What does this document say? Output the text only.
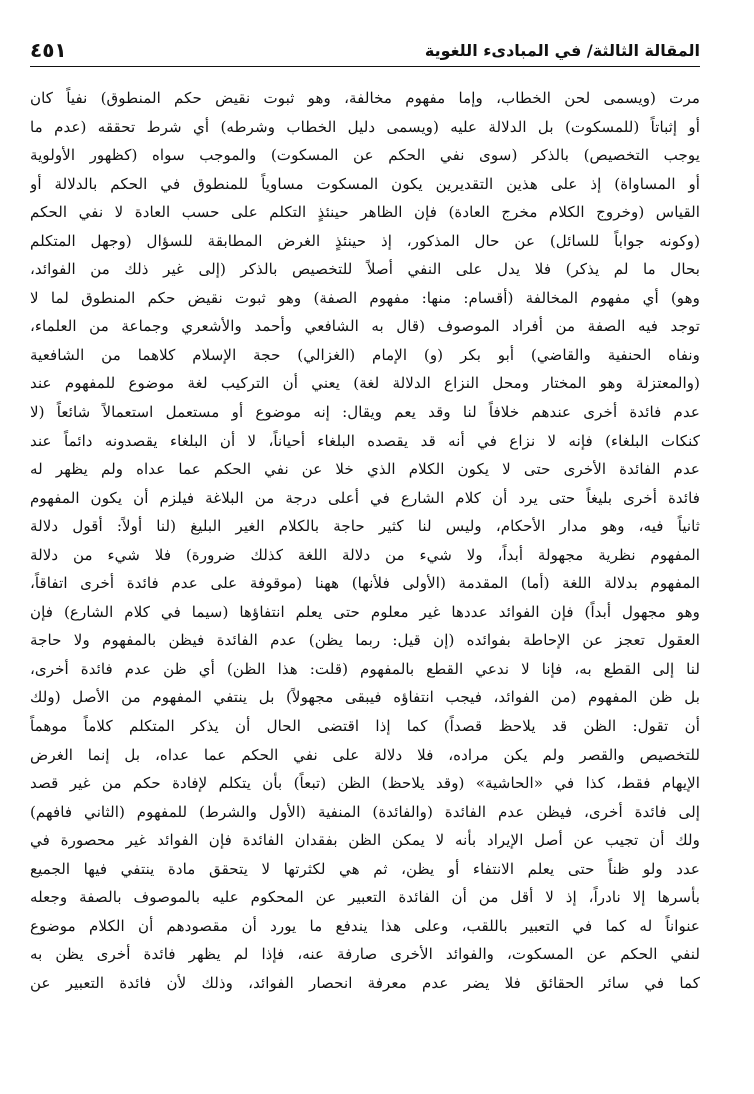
المقالة الثالثة/ في المبادىء اللغوية
٤٥١
مرت (ويسمى لحن الخطاب، وإما مفهوم مخالفة، وهو ثبوت نقيض حكم المنطوق) نفياً كان
أو إثباتاً (للمسكوت) بل الدلالة عليه (ويسمى دليل الخطاب وشرطه) أي شرط تحققه (عدم ما
يوجب التخصيص) بالذكر (سوى نفي الحكم عن المسكوت) والموجب سواه (كظهور الأولوية
أو المساواة) إذ على هذين التقديرين يكون المسكوت مساوياً للمنطوق في الحكم بالدلالة أو
القياس (وخروج الكلام مخرج العادة) فإن الظاهر حينئذٍ التكلم على حسب العادة لا نفي الحكم
(وكونه جواباً للسائل) عن حال المذكور، إذ حينئذٍ الغرض المطابقة للسؤال (وجهل المتكلم
بحال ما لم يذكر) فلا يدل على النفي أصلاً للتخصيص بالذكر (إلى غير ذلك من الفوائد،
وهو) أي مفهوم المخالفة (أقسام: منها: مفهوم الصفة) وهو ثبوت نقيض حكم المنطوق لما لا
توجد فيه الصفة من أفراد الموصوف (قال به الشافعي وأحمد والأشعري وجماعة من العلماء،
ونفاه الحنفية والقاضي) أبو بكر (و) الإمام (الغزالي) حجة الإسلام كلاهما من الشافعية
(والمعتزلة وهو المختار ومحل النزاع الدلالة لغة) يعني أن التركيب لغة موضوع للمفهوم عند
عدم فائدة أخرى عندهم خلافاً لنا وقد يعم ويقال: إنه موضوع أو مستعمل استعمالاً شائعاً (لا
كنكات البلغاء) فإنه لا نزاع في أنه قد يقصده البلغاء أحياناً، لا أن البلغاء يقصدونه دائماً عند
عدم الفائدة الأخرى حتى لا يكون الكلام الذي خلا عن نفي الحكم عما عداه ولم يظهر له
فائدة أخرى بليغاً حتى يرد أن كلام الشارع في أعلى درجة من البلاغة فيلزم أن يكون المفهوم
ثانياً فيه، وهو مدار الأحكام، وليس لنا كثير حاجة بالكلام الغير البليغ (لنا أولاً: أقول دلالة
المفهوم نظرية مجهولة أبداً، ولا شيء من دلالة اللغة كذلك ضرورة) فلا شيء من دلالة
المفهوم بدلالة اللغة (أما) المقدمة (الأولى فلأنها) ههنا (موقوفة على عدم فائدة أخرى اتفاقاً،
وهو مجهول أبداً) فإن الفوائد عددها غير معلوم حتى يعلم انتفاؤها (سيما في كلام الشارع) فإن
العقول تعجز عن الإحاطة بفوائده (إن قيل: ربما يظن) عدم الفائدة فيظن بالمفهوم ولا حاجة
لنا إلى القطع به، فإنا لا ندعي القطع بالمفهوم (قلت: هذا الظن) أي ظن عدم فائدة أخرى،
بل ظن المفهوم (من الفوائد، فيجب انتفاؤه فيبقى مجهولاً) بل ينتفي المفهوم من الأصل (ولك
أن تقول: الظن قد يلاحظ قصداً) كما إذا اقتضى الحال أن يذكر المتكلم كلاماً موهماً
للتخصيص والقصر ولم يكن مراده، فلا دلالة على نفي الحكم عما عداه، بل إنما الغرض
الإيهام فقط، كذا في «الحاشية» (وقد يلاحظ) الظن (تبعاً) بأن يتكلم لإفادة حكم من غير قصد
إلى فائدة أخرى، فيظن عدم الفائدة (والفائدة) المنفية (الأول والشرط) للمفهوم (الثاني فافهم)
ولك أن تجيب عن أصل الإيراد بأنه لا يمكن الظن بفقدان الفائدة فإن الفوائد غير محصورة في
عدد ولو ظناً حتى يعلم الانتفاء أو يظن، ثم هي لكثرتها لا يتحقق مادة ينتفي فيها الجميع
بأسرها إلا نادراً، إذ لا أقل من أن الفائدة التعبير عن المحكوم عليه بالموصوف بالصفة وجعله
عنواناً له كما في التعبير باللقب، وعلى هذا يندفع ما يورد أن مقصودهم أن الكلام موضوع
لنفي الحكم عن المسكوت، والفوائد الأخرى صارفة عنه، فإذا لم يظهر فائدة أخرى يظن به
كما في سائر الحقائق فلا يضر عدم معرفة انحصار الفوائد، وذلك لأن فائدة التعبير عن
